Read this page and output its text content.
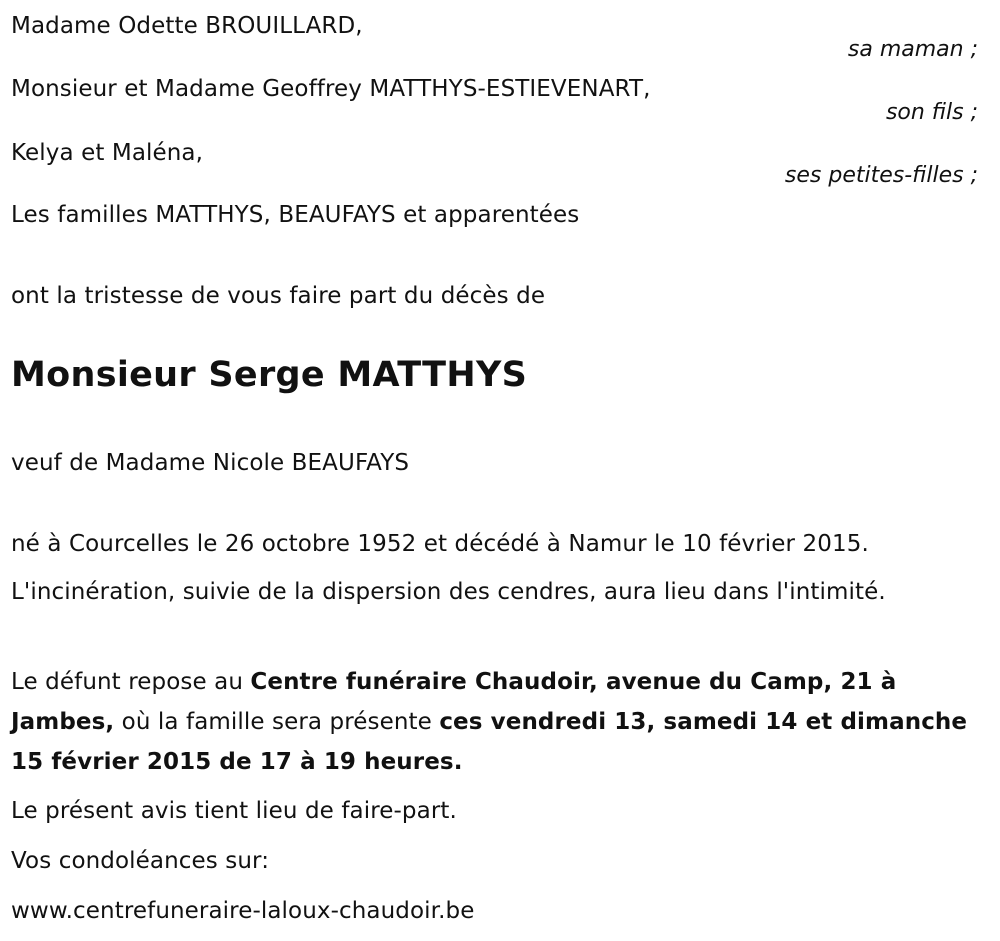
Madame Odette BROUILLARD,
sa maman ;
Monsieur et Madame Geoffrey MATTHYS-ESTIEVENART,
son fils ;
Kelya et Maléna,
ses petites-filles ;
Les familles MATTHYS, BEAUFAYS et apparentées
ont la tristesse de vous faire part du décès de
Monsieur Serge MATTHYS
veuf de Madame Nicole BEAUFAYS
né à Courcelles le 26 octobre 1952 et décédé à Namur le 10 février 2015.
L'incinération, suivie de la dispersion des cendres, aura lieu dans l'intimité.
Le défunt repose au Centre funéraire Chaudoir, avenue du Camp, 21 à Jambes, où la famille sera présente ces vendredi 13, samedi 14 et dimanche 15 février 2015 de 17 à 19 heures.
Le présent avis tient lieu de faire-part.
Vos condoléances sur:
www.centrefuneraire-laloux-chaudoir.be
